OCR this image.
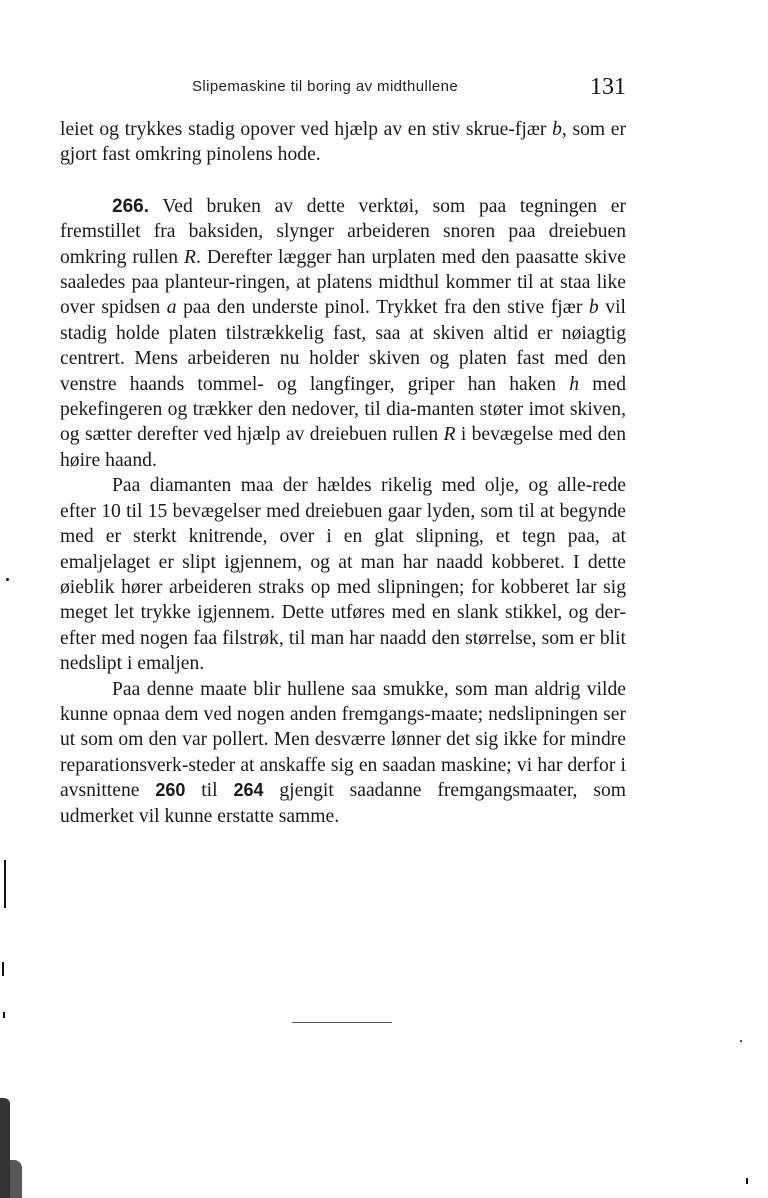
Slipemaskine til boring av midthullene	131

leiet og trykkes stadig opover ved hjælp av en stiv skrue-fjær b, som er gjort fast omkring pinolens hode.

266. Ved bruken av dette verktøi, som paa tegningen er fremstillet fra baksiden, slynger arbeideren snoren paa dreiebuen omkring rullen R. Derefter lægger han urplaten med den paasatte skive saaledes paa planteur-ringen, at platens midthul kommer til at staa like over spidsen a paa den underste pinol. Trykket fra den stive fjær b vil stadig holde platen tilstrækkelig fast, saa at skiven altid er nøiagtig centrert. Mens arbeideren nu holder skiven og platen fast med den venstre haands tommel- og langfinger, griper han haken h med pekefingeren og trækker den nedover, til dia-manten støter imot skiven, og sætter derefter ved hjælp av dreiebuen rullen R i bevægelse med den høire haand.

Paa diamanten maa der hældes rikelig med olje, og alle-rede efter 10 til 15 bevægelser med dreiebuen gaar lyden, som til at begynde med er sterkt knitrende, over i en glat slipning, et tegn paa, at emaljelaget er slipt igjennem, og at man har naadd kobberet. I dette øieblik hører arbeideren straks op med slipningen; for kobberet lar sig meget let trykke igjennem. Dette utføres med en slank stikkel, og der-efter med nogen faa filstrøk, til man har naadd den størrelse, som er blit nedslipt i emaljen.

Paa denne maate blir hullene saa smukke, som man aldrig vilde kunne opnaa dem ved nogen anden fremgangs-maate; nedslipningen ser ut som om den var pollert. Men desværre lønner det sig ikke for mindre reparationsverk-steder at anskaffe sig en saadan maskine; vi har derfor i avsnittene 260 til 264 gjengit saadanne fremgangsmaater, som udmerket vil kunne erstatte samme.
